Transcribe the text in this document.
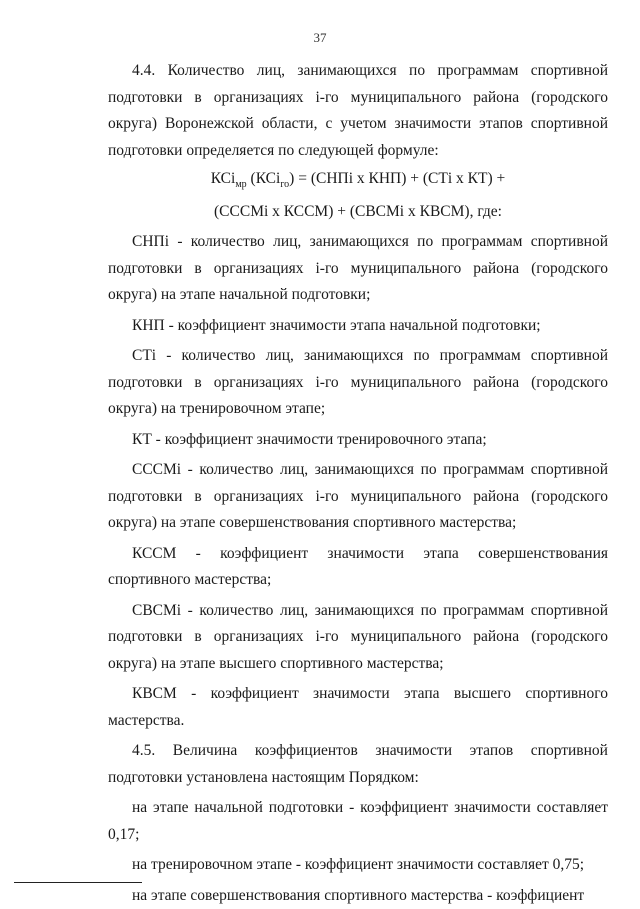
37

4.4. Количество лиц, занимающихся по программам спортивной подготовки в организациях i-го муниципального района (городского округа) Воронежской области, с учетом значимости этапов спортивной подготовки определяется по следующей формуле:

КСі$_{мр}$ (КСі$_{го}$) = (СНПі х КНП) + (СТі х КТ) +

(СССМі х КССМ) + (СВСМі х КВСМ), где:

СНПі - количество лиц, занимающихся по программам спортивной подготовки в организациях i-го муниципального района (городского округа) на этапе начальной подготовки;

КНП - коэффициент значимости этапа начальной подготовки;

СТі - количество лиц, занимающихся по программам спортивной подготовки в организациях i-го муниципального района (городского округа) на тренировочном этапе;

КТ - коэффициент значимости тренировочного этапа;

СССМі - количество лиц, занимающихся по программам спортивной подготовки в организациях i-го муниципального района (городского округа) на этапе совершенствования спортивного мастерства;

КССМ - коэффициент значимости этапа совершенствования

спортивного мастерства;

СВСМі - количество лиц, занимающихся по программам спортивной подготовки в организациях i-го муниципального района (городского округа) на этапе высшего спортивного мастерства;

КВСМ - коэффициент значимости этапа высшего спортивного

мастерства.

4.5. Величина коэффициентов значимости этапов спортивной

подготовки установлена настоящим Порядком:

на этапе начальной подготовки - коэффициент значимости составляет 0,17;

на тренировочном этапе - коэффициент значимости составляет 0,75;

на этапе совершенствования спортивного мастерства - коэффициент
